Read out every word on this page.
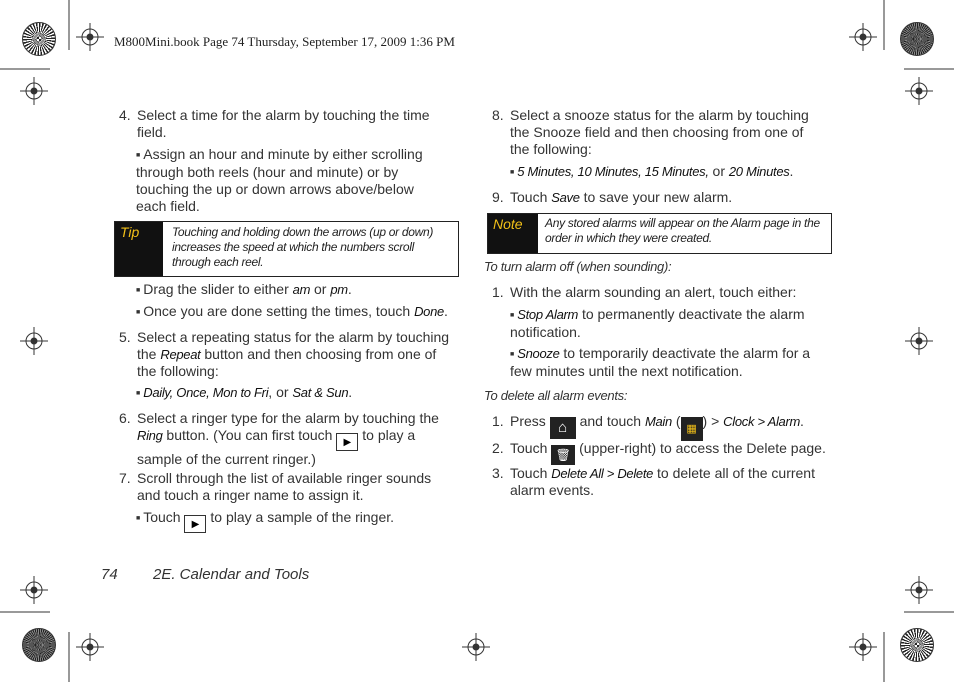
M800Mini.book Page 74 Thursday, September 17, 2009 1:36 PM
4. Select a time for the alarm by touching the time field.
■ Assign an hour and minute by either scrolling through both reels (hour and minute) or by touching the up or down arrows above/below each field.
Tip	Touching and holding down the arrows (up or down) increases the speed at which the numbers scroll through each reel.
■ Drag the slider to either am or pm.
■ Once you are done setting the times, touch Done.
5. Select a repeating status for the alarm by touching the Repeat button and then choosing from one of the following:
■ Daily, Once, Mon to Fri, or Sat & Sun.
6. Select a ringer type for the alarm by touching the Ring button. (You can first touch ▶ to play a sample of the current ringer.)
7. Scroll through the list of available ringer sounds and touch a ringer name to assign it.
■ Touch ▶ to play a sample of the ringer.
8. Select a snooze status for the alarm by touching the Snooze field and then choosing from one of the following:
■ 5 Minutes, 10 Minutes, 15 Minutes, or 20 Minutes.
9. Touch Save to save your new alarm.
Note	Any stored alarms will appear on the Alarm page in the order in which they were created.
To turn alarm off (when sounding):
1. With the alarm sounding an alert, touch either:
■ Stop Alarm to permanently deactivate the alarm notification.
■ Snooze to temporarily deactivate the alarm for a few minutes until the next notification.
To delete all alarm events:
1. Press ⌂ and touch Main ( ▦ ) > Clock > Alarm.
2. Touch 🗑 (upper-right) to access the Delete page.
3. Touch Delete All > Delete to delete all of the current alarm events.
74 2E. Calendar and Tools
